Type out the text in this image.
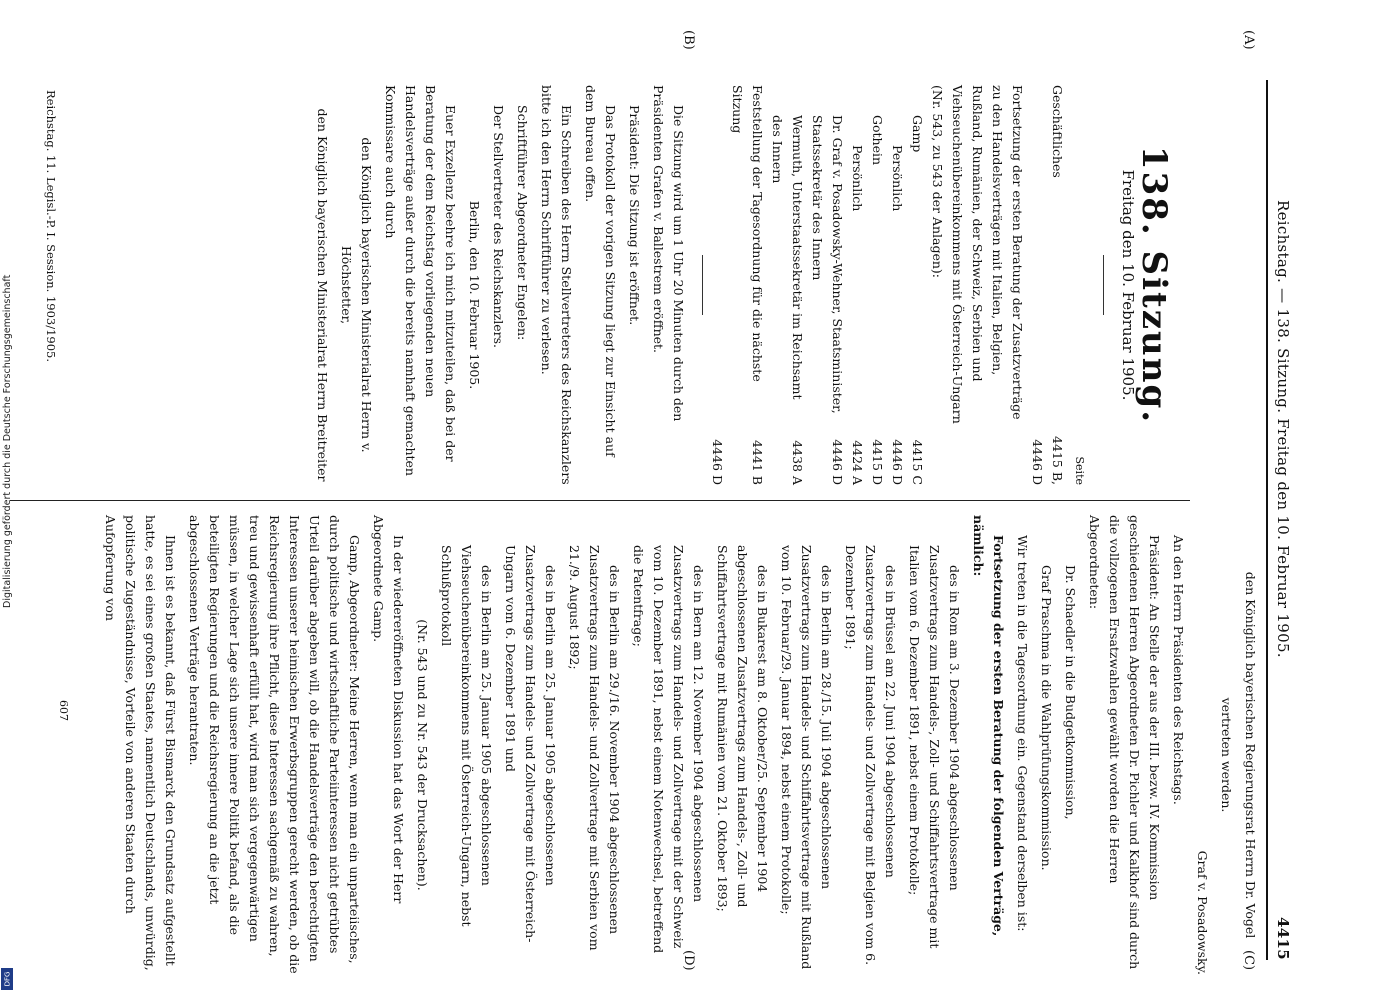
Reichstag. — 138. Sitzung. Freitag den 10. Februar 1905.
4415
(A)
(B)
(C)
(D)
138. Sitzung.
Freitag den 10. Februar 1905.
Seite
Geschäftliches
4415 B, 4446 D
Fortsetzung der ersten Beratung der Zusatzverträge zu den Handelsverträgen mit Italien, Belgien, Rußland, Rumänien, der Schweiz, Serbien und Viehseuchenübereinkommens mit Österreich-Ungarn (Nr. 543, zu 543 der Anlagen):
Gamp
4415 C
Persönlich
4446 D
Gothein
4415 D
Persönlich
4424 A
Dr. Graf v. Posadowsky-Wehner, Staatsminister, Staatssekretär des Innern
4446 D
Wermuth, Unterstaatssekretär im Reichsamt des Innern
4438 A
Feststellung der Tagesordnung für die nächste Sitzung
4441 B
4446 D
Die Sitzung wird um 1 Uhr 20 Minuten durch den Präsidenten Grafen v. Ballestrem eröffnet.
Präsident: Die Sitzung ist eröffnet.
Das Protokoll der vorigen Sitzung liegt zur Einsicht auf dem Bureau offen.
Ein Schreiben des Herrn Stellvertreters des Reichskanzlers bitte ich den Herrn Schriftführer zu verlesen.
Schriftführer Abgeordneter Engelen:
Der Stellvertreter des Reichskanzlers.
Berlin, den 10. Februar 1905.
Euer Exzellenz beehre ich mich mitzuteilen, daß bei der Beratung der dem Reichstag vorliegenden neuen Handelsverträge außer durch die bereits namhaft gemachten Kommissare auch durch
den Königlich bayerischen Ministerialrat Herrn v. Höchstetter,
den Königlich bayerischen Ministerialrat Herrn Breitreiter
den Königlich bayerischen Regierungsrat Herrn Dr. Vogel
vertreten werden.
Graf v. Posadowsky.
An den Herrn Präsidenten des Reichstags.
Präsident: An Stelle der aus der III. bezw. IV. Kommission geschiedenen Herren Abgeordneten Dr. Pichler und Kalkhof sind durch die vollzogenen Ersatzwahlen gewählt worden die Herren Abgeordneten:
Dr. Schaedler in die Budgetkommission,
Graf Praschma in die Wahlprüfungskommission.
Wir treten in die Tagesordnung ein. Gegenstand derselben ist:
Fortsetzung der ersten Beratung der folgenden Verträge, nämlich:
des in Rom am 3. Dezember 1904 abgeschlossenen Zusatzvertrags zum Handels-, Zoll- und Schiffahrtsvertrage mit Italien vom 6. Dezember 1891, nebst einem Protokolle;
des in Brüssel am 22. Juni 1904 abgeschlossenen Zusatzvertrags zum Handels- und Zollvertrage mit Belgien vom 6. Dezember 1891;
des in Berlin am 28./15. Juli 1904 abgeschlossenen Zusatzvertrags zum Handels- und Schiffahrtsvertrage mit Rußland vom 10. Februar/29. Januar 1894, nebst einem Protokolle;
des in Bukarest am 8. Oktober/25. September 1904 abgeschlossenen Zusatzvertrags zum Handels-, Zoll- und Schiffahrtsvertrage mit Rumänien vom 21. Oktober 1893;
des in Bern am 12. November 1904 abgeschlossenen Zusatzvertrags zum Handels- und Zollvertrage mit der Schweiz vom 10. Dezember 1891, nebst einem Notenwechsel, betreffend die Patentfrage;
des in Berlin am 29./16. November 1904 abgeschlossenen Zusatzvertrags zum Handels- und Zollvertrage mit Serbien vom 21./9. August 1892;
des in Berlin am 25. Januar 1905 abgeschlossenen Zusatzvertrags zum Handels- und Zollvertrage mit Österreich-Ungarn vom 6. Dezember 1891 und
des in Berlin am 25. Januar 1905 abgeschlossenen Viehseuchenübereinkommens mit Österreich-Ungarn, nebst Schlußprotokoll
(Nr. 543 und zu Nr. 543 der Drucksachen).
In der wiedereröffneten Diskussion hat das Wort der Herr Abgeordnete Gamp.
Gamp, Abgeordneter: Meine Herren, wenn man ein unparteiisches, durch politische und wirtschaftliche Parteiinteressen nicht getrübtes Urteil darüber abgeben will, ob die Handelsverträge den berechtigten Interessen unserer heimischen Erwerbsgruppen gerecht werden, ob die Reichsregierung ihre Pflicht, diese Interessen sachgemäß zu wahren, treu und gewissenhaft erfüllt hat, wird man sich vergegenwärtigen müssen, in welcher Lage sich unsere innere Politik befand, als die beteiligten Regierungen und die Reichsregierung an die jetzt abgeschlossenen Verträge herantraten.
Ihnen ist es bekannt, daß Fürst Bismarck den Grundsatz aufgestellt hatte, es sei eines großen Staates, namentlich Deutschlands, unwürdig, politische Zugeständnisse, Vorteile von anderen Staaten durch Aufopferung von
Reichstag. 11. Legisl.-P. I. Session. 1903/1905.
607
Digitalisierung gefördert durch die Deutsche Forschungsgemeinschaft
DFG
